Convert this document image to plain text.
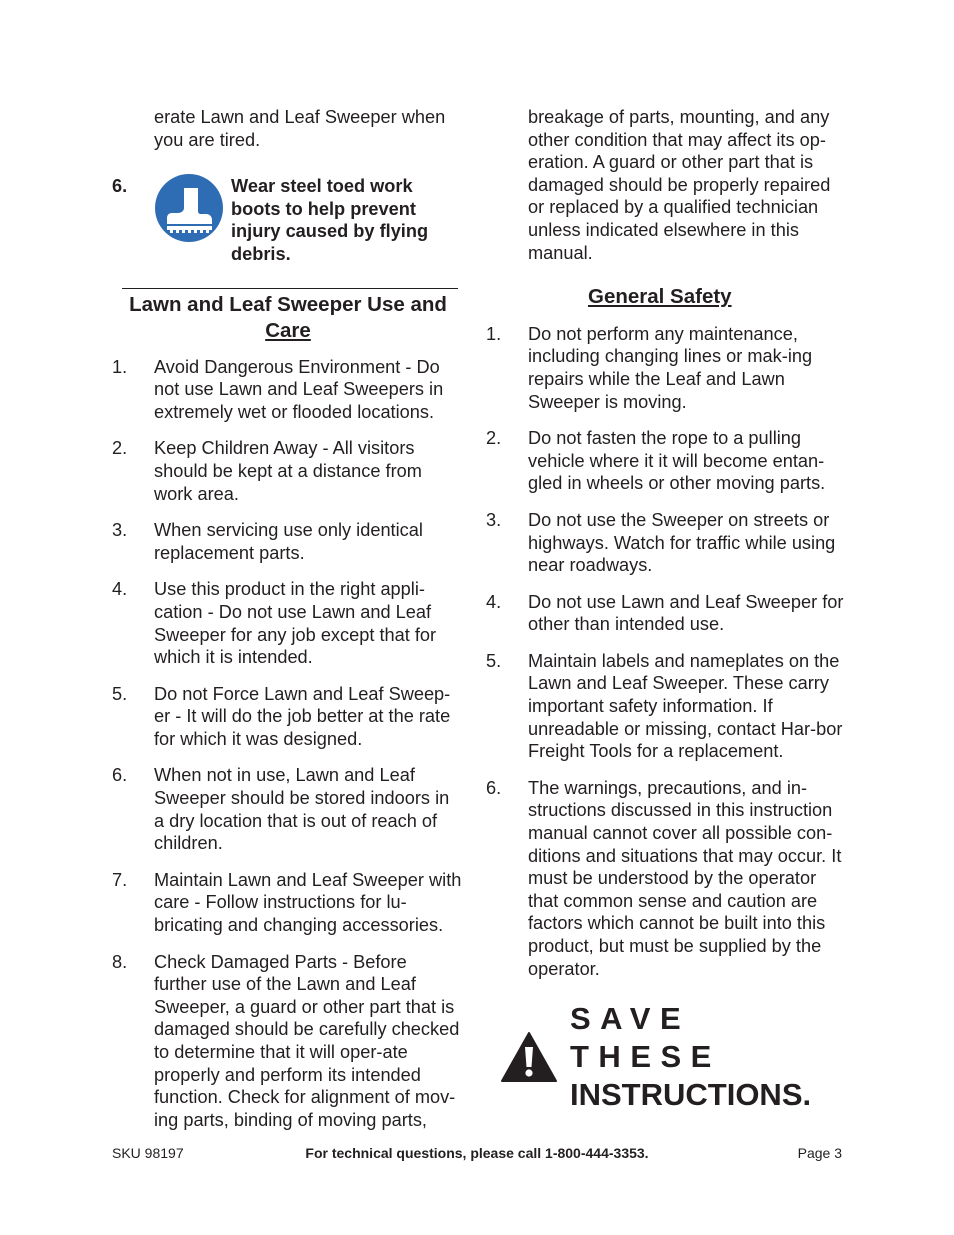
erate Lawn and Leaf Sweeper when you are tired.
6.	Wear steel toed work boots to help prevent injury caused by flying debris.
Lawn and Leaf Sweeper Use and
Care
1.	Avoid Dangerous Environment - Do not use Lawn and Leaf Sweepers in extremely wet or flooded locations.
2.	Keep Children Away - All visitors should be kept at a distance from work area.
3.	When servicing use only identical replacement parts.
4.	Use this product in the right appli-cation - Do not use Lawn and Leaf Sweeper for any job except that for which it is intended.
5.	Do not Force Lawn and Leaf Sweep-er - It will do the job better at the rate for which it was designed.
6.	When not in use, Lawn and Leaf Sweeper should be stored indoors in a dry location that is out of reach of children.
7.	Maintain Lawn and Leaf Sweeper with care - Follow instructions for lu-bricating and changing accessories.
8.	Check Damaged Parts - Before further use of the Lawn and Leaf Sweeper, a guard or other part that is damaged should be carefully checked to determine that it will oper-ate properly and perform its intended function. Check for alignment of mov-ing parts, binding of moving parts,
breakage of parts, mounting, and any other condition that may affect its op-eration. A guard or other part that is damaged should be properly repaired or replaced by a qualified technician unless indicated elsewhere in this manual.
General Safety
1.	Do not perform any maintenance, including changing lines or mak-ing repairs while the Leaf and Lawn Sweeper is moving.
2.	Do not fasten the rope to a pulling vehicle where it it will become entan-gled in wheels or other moving parts.
3.	Do not use the Sweeper on streets or highways. Watch for traffic while using near roadways.
4.	Do not use Lawn and Leaf Sweeper for other than intended use.
5.	Maintain labels and nameplates on the Lawn and Leaf Sweeper. These carry important safety information. If unreadable or missing, contact Har-bor Freight Tools for a replacement.
6.	The warnings, precautions, and in-structions discussed in this instruction manual cannot cover all possible con-ditions and situations that may occur. It must be understood by the operator that common sense and caution are factors which cannot be built into this product, but must be supplied by the operator.
SAVE THESE
INSTRUCTIONS.
SKU 98197	For technical questions, please call 1-800-444-3353.	Page 3
